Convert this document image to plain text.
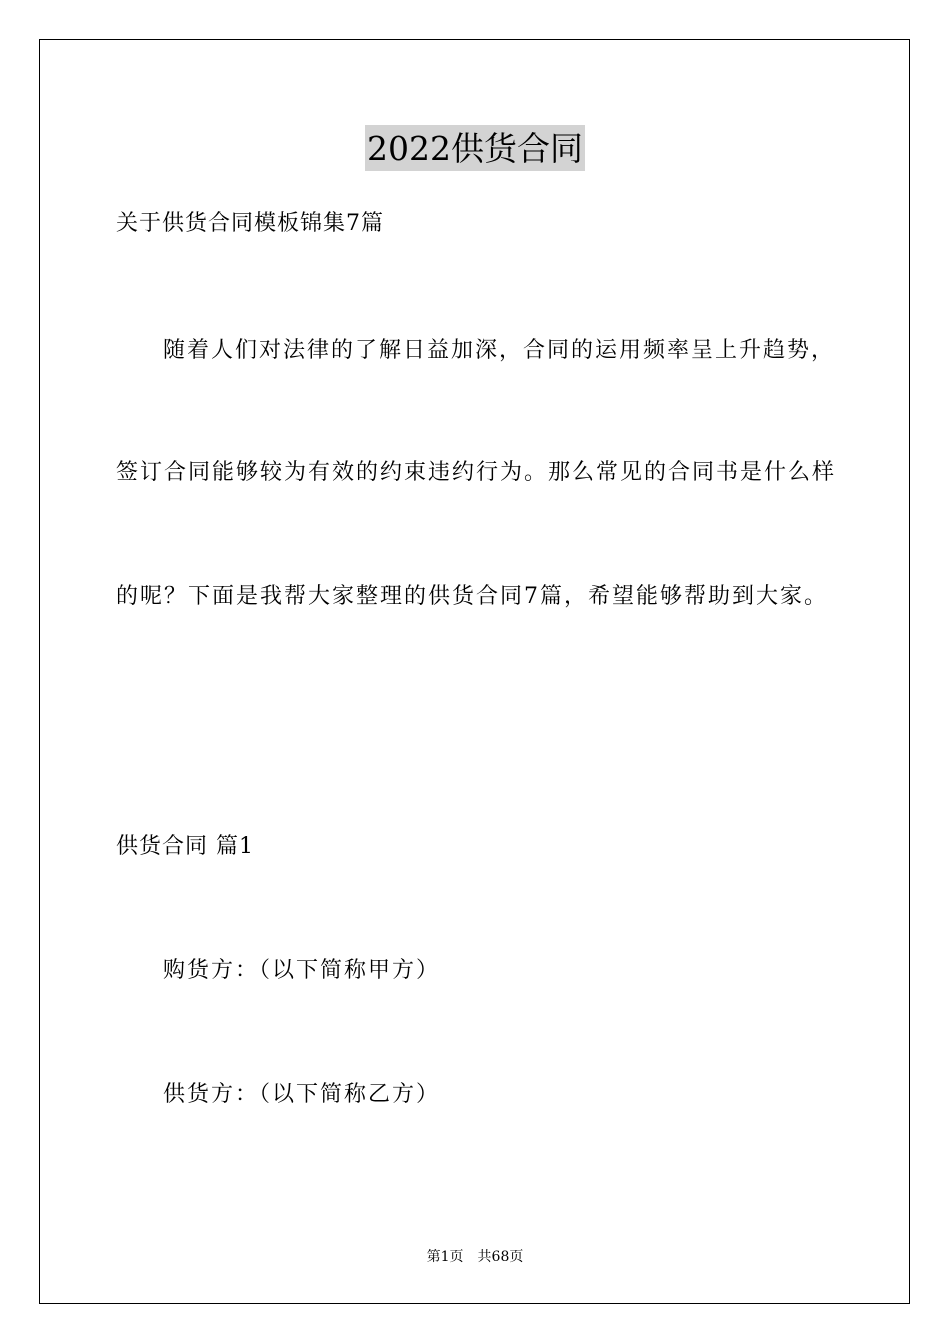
2022供货合同
关于供货合同模板锦集7篇
随着人们对法律的了解日益加深，合同的运用频率呈上升趋势，
签订合同能够较为有效的约束违约行为。那么常见的合同书是什么样
的呢？下面是我帮大家整理的供货合同7篇，希望能够帮助到大家。
供货合同 篇1
购货方：（以下简称甲方）
供货方：（以下简称乙方）
第1页 共68页
